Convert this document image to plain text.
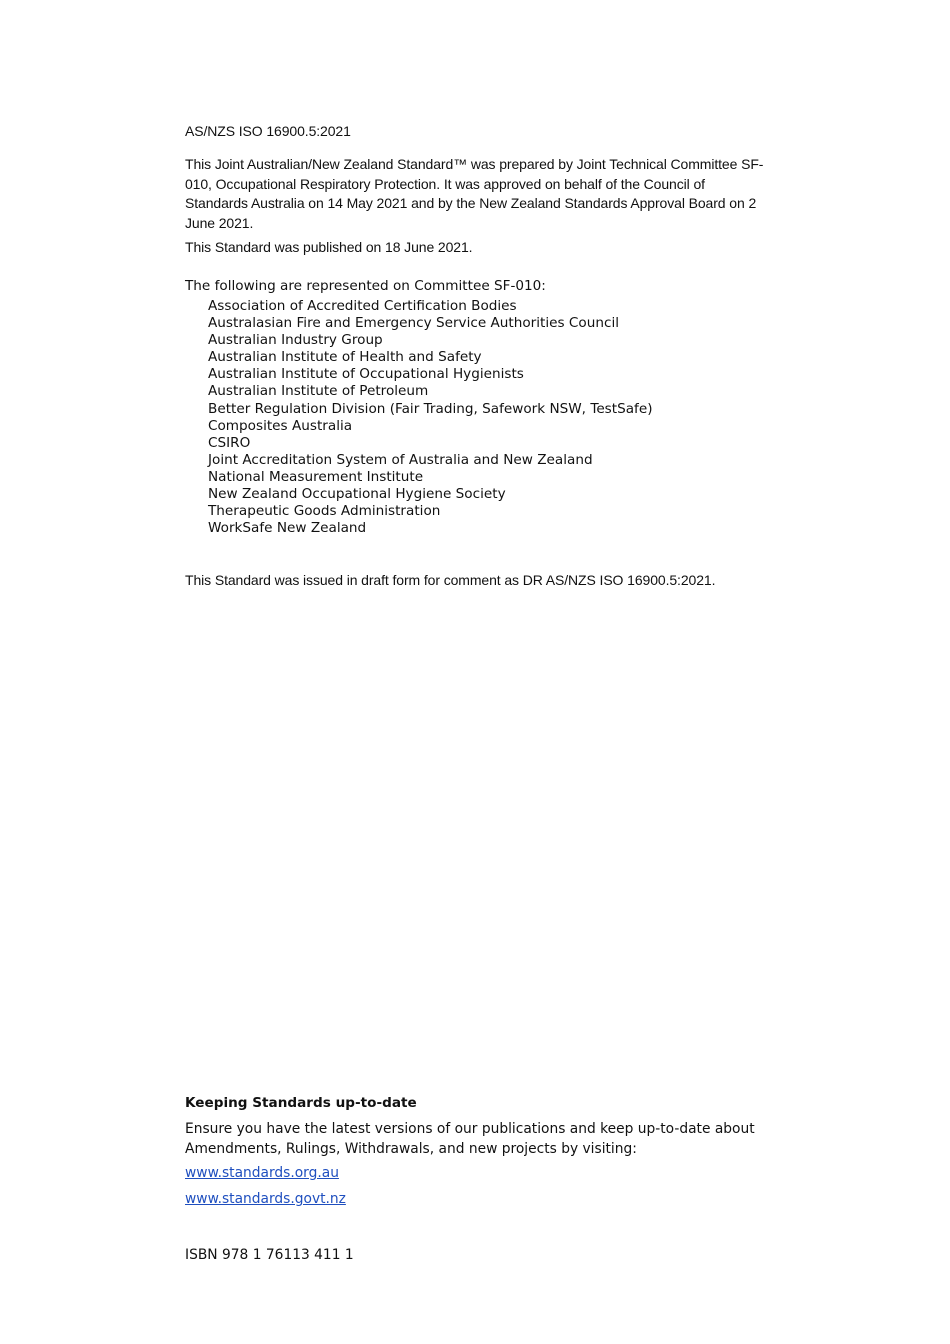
AS/NZS ISO 16900.5:2021
This Joint Australian/New Zealand Standard™ was prepared by Joint Technical Committee SF-010, Occupational Respiratory Protection. It was approved on behalf of the Council of Standards Australia on 14 May 2021 and by the New Zealand Standards Approval Board on 2 June 2021.
This Standard was published on 18 June 2021.
The following are represented on Committee SF-010:
Association of Accredited Certification Bodies
Australasian Fire and Emergency Service Authorities Council
Australian Industry Group
Australian Institute of Health and Safety
Australian Institute of Occupational Hygienists
Australian Institute of Petroleum
Better Regulation Division (Fair Trading, Safework NSW, TestSafe)
Composites Australia
CSIRO
Joint Accreditation System of Australia and New Zealand
National Measurement Institute
New Zealand Occupational Hygiene Society
Therapeutic Goods Administration
WorkSafe New Zealand
This Standard was issued in draft form for comment as DR AS/NZS ISO 16900.5:2021.
Keeping Standards up-to-date
Ensure you have the latest versions of our publications and keep up-to-date about Amendments, Rulings, Withdrawals, and new projects by visiting:
www.standards.org.au
www.standards.govt.nz
ISBN 978 1 76113 411 1
